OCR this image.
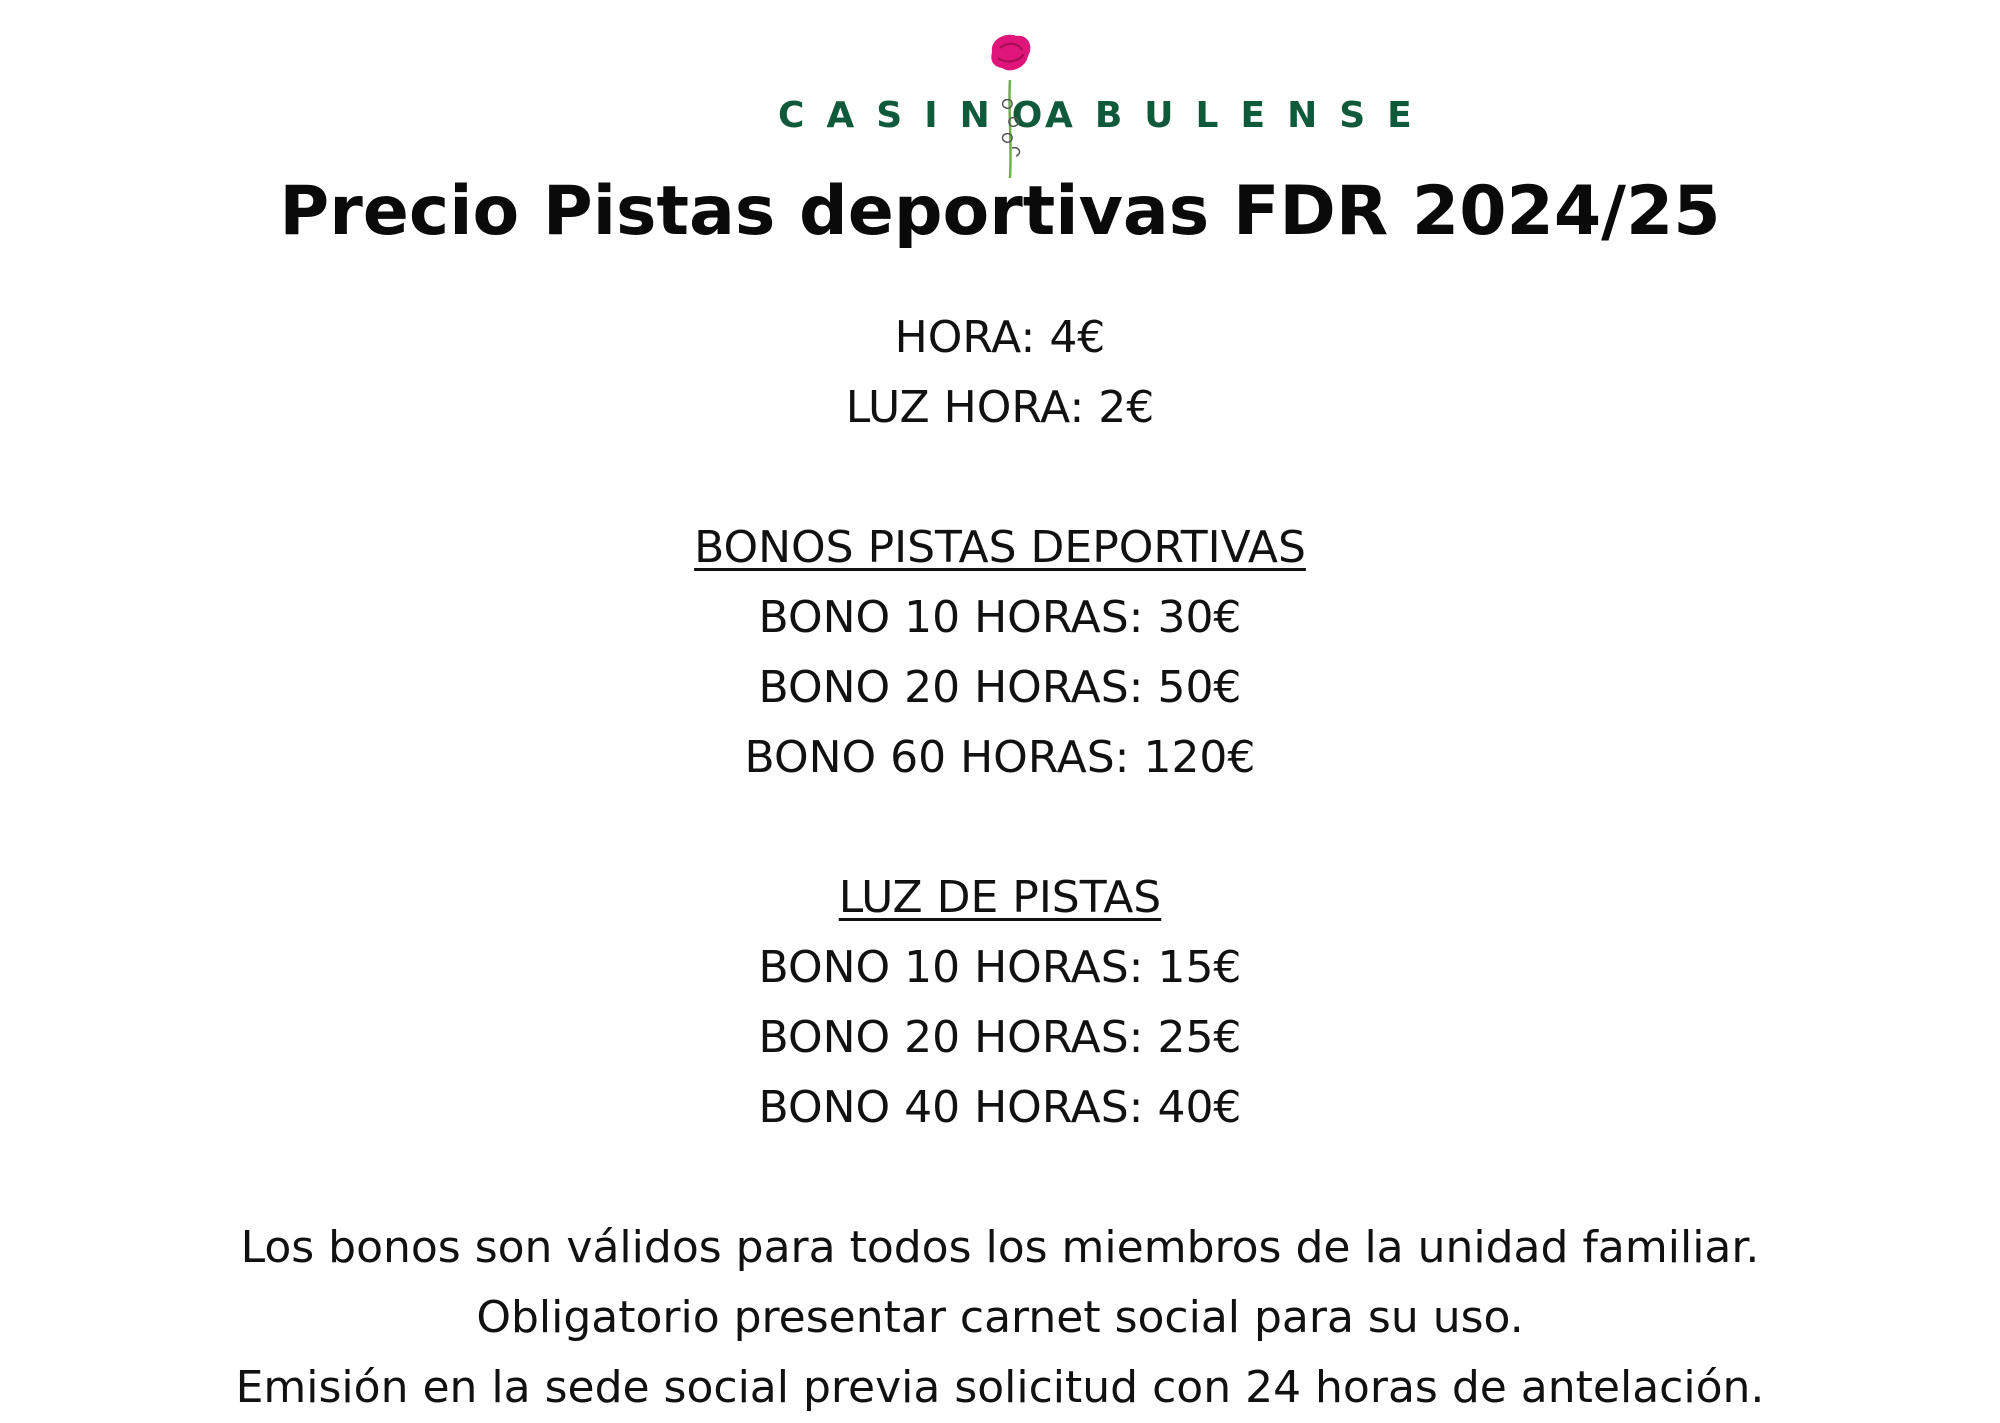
CASINO
ABULENSE
Precio Pistas deportivas FDR 2024/25
HORA: 4€
LUZ HORA: 2€
BONOS PISTAS DEPORTIVAS
BONO 10 HORAS: 30€
BONO 20 HORAS: 50€
BONO 60 HORAS: 120€
LUZ DE PISTAS
BONO 10 HORAS: 15€
BONO 20 HORAS: 25€
BONO 40 HORAS: 40€
Los bonos son válidos para todos los miembros de la unidad familiar.
Obligatorio presentar carnet social para su uso.
Emisión en la sede social previa solicitud con 24 horas de antelación.
